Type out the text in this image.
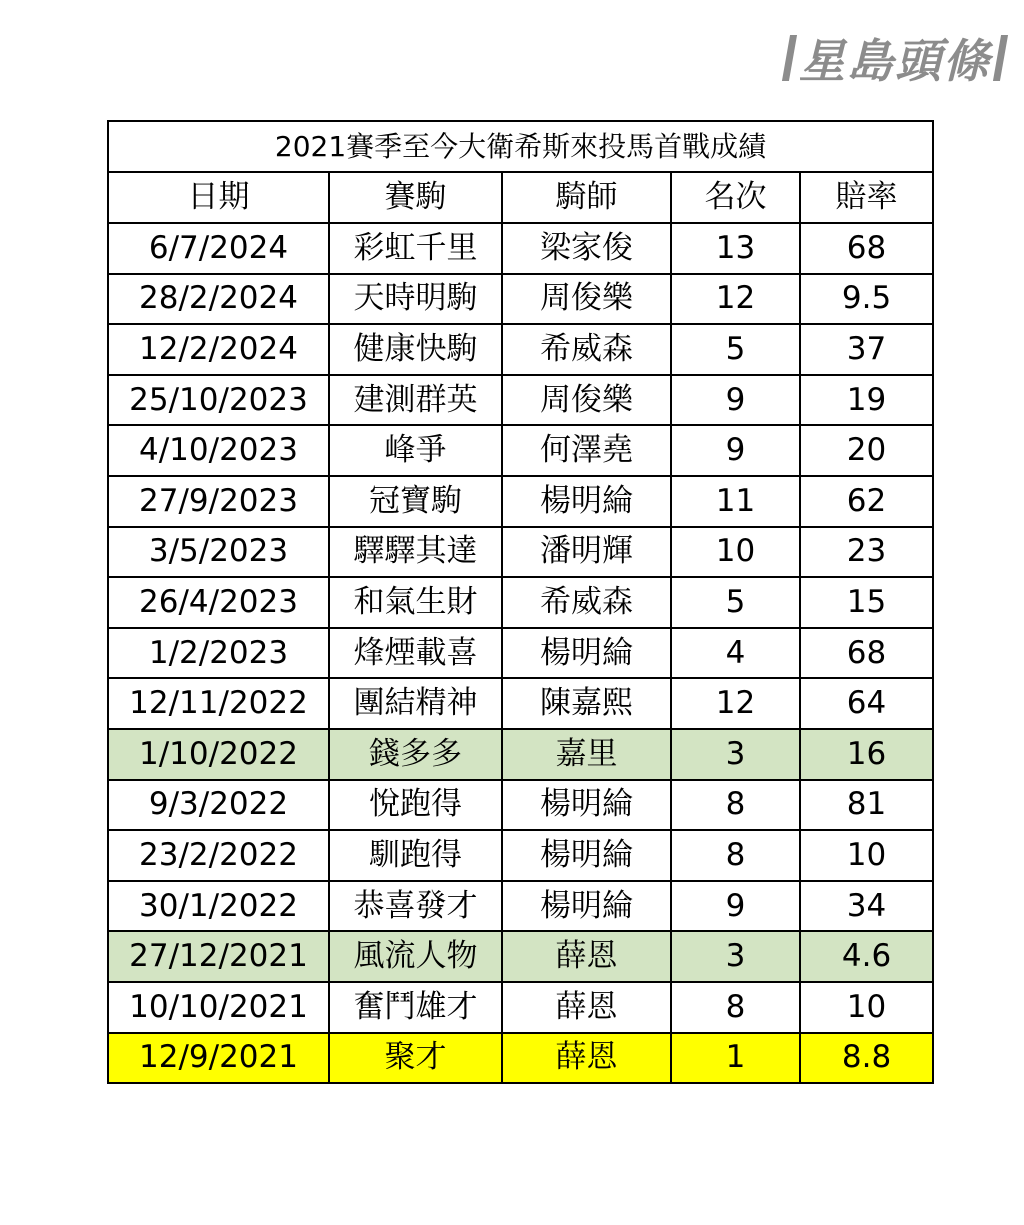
星島頭條
2021賽季至今大衛希斯來投馬首戰成績				
日期	賽駒	騎師	名次	賠率
6/7/2024	彩虹千里	梁家俊	13	68
28/2/2024	天時明駒	周俊樂	12	9.5
12/2/2024	健康快駒	希威森	5	37
25/10/2023	建測群英	周俊樂	9	19
4/10/2023	峰爭	何澤堯	9	20
27/9/2023	冠寶駒	楊明綸	11	62
3/5/2023	驛驛其達	潘明輝	10	23
26/4/2023	和氣生財	希威森	5	15
1/2/2023	烽煙載喜	楊明綸	4	68
12/11/2022	團結精神	陳嘉熙	12	64
1/10/2022	錢多多	嘉里	3	16
9/3/2022	悅跑得	楊明綸	8	81
23/2/2022	馴跑得	楊明綸	8	10
30/1/2022	恭喜發才	楊明綸	9	34
27/12/2021	風流人物	薛恩	3	4.6
10/10/2021	奮鬥雄才	薛恩	8	10
12/9/2021	聚才	薛恩	1	8.8
